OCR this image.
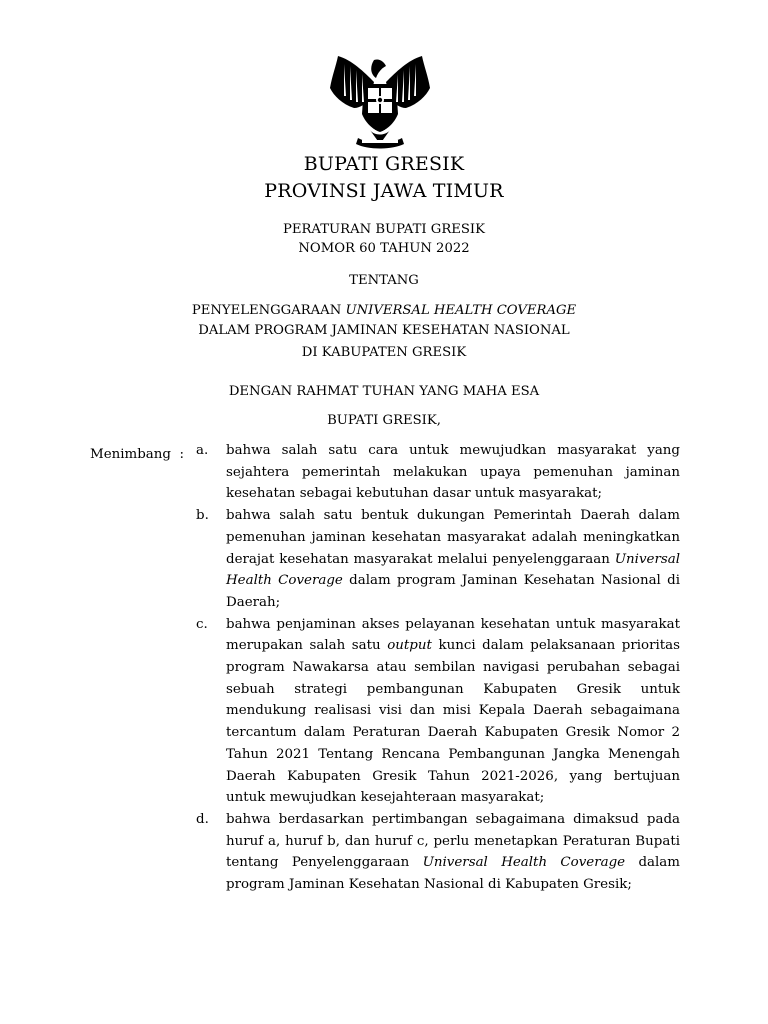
BUPATI GRESIK
PROVINSI JAWA TIMUR
PERATURAN BUPATI GRESIK
NOMOR 60 TAHUN 2022
TENTANG
PENYELENGGARAAN UNIVERSAL HEALTH COVERAGE
DALAM PROGRAM JAMINAN KESEHATAN NASIONAL
DI KABUPATEN GRESIK
DENGAN RAHMAT TUHAN YANG MAHA ESA
BUPATI GRESIK,
Menimbang : a.	bahwa salah satu cara untuk mewujudkan masyarakat yang sejahtera pemerintah melakukan upaya pemenuhan jaminan kesehatan sebagai kebutuhan dasar untuk masyarakat;

b.	bahwa salah satu bentuk dukungan Pemerintah Daerah dalam pemenuhan jaminan kesehatan masyarakat adalah meningkatkan derajat kesehatan masyarakat melalui penyelenggaraan Universal Health Coverage dalam program Jaminan Kesehatan Nasional di Daerah;

c.	bahwa penjaminan akses pelayanan kesehatan untuk masyarakat merupakan salah satu output kunci dalam pelaksanaan prioritas program Nawakarsa atau sembilan navigasi perubahan sebagai sebuah strategi pembangunan Kabupaten Gresik untuk mendukung realisasi visi dan misi Kepala Daerah sebagaimana tercantum dalam Peraturan Daerah Kabupaten Gresik Nomor 2 Tahun 2021 Tentang Rencana Pembangunan Jangka Menengah Daerah Kabupaten Gresik Tahun 2021-2026, yang bertujuan untuk mewujudkan kesejahteraan masyarakat;

d.	bahwa berdasarkan pertimbangan sebagaimana dimaksud pada huruf a, huruf b, dan huruf c, perlu menetapkan Peraturan Bupati tentang Penyelenggaraan Universal Health Coverage dalam program Jaminan Kesehatan Nasional di Kabupaten Gresik;
